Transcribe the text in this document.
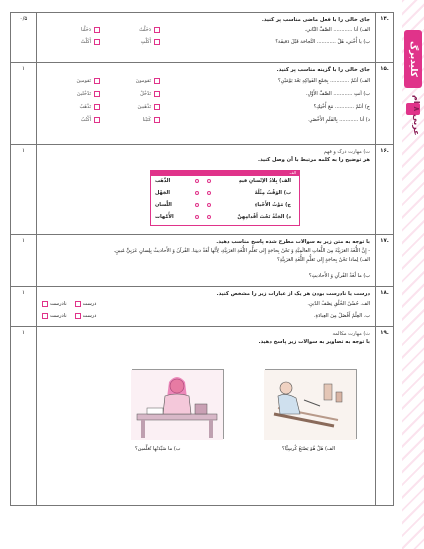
کلیدبرگ
عربی ۸ ام
۱۴.
۰/۵	جای خالی را با فعل ماضی مناسب پر کنید.
الف) أنا ............ الصَّفَّ الثّاني.
دَخَلْتُ
دَخَلْنا
ب) يا أُخْتي، هَلْ ............ النَّجاحَة قَبْلَ دَقيقَة؟
أَكَلْتِ
أَكَلْتُ
۱۵.
۱	جای خالی را با گزینه مناسب پر کنید.
الف) أنتُمْ ............ بِجَمْعِ الفَواكِهِ بَعْدَ يَوْمَيْنِ؟
تَقومونَ
تَقومينَ
ب) أنتِ ............ الصَّفَّ الأَوَّلِ.
تَدْخُلُ
تَدْخُلينَ
ج) أنتُمْ ............ مَعَ أُخْتِكِ؟
تَذْهَبينَ
تَذْهَبُ
د) أنا ............ بِالقَلَمِ الأَخْضَرِ.
كَتَبْنا
أَكْتُبُ
۱۶.
۱	ت) مهارت درک و فهم
هر توضیح را به کلمه مرتبط با آن وصل کنید.
الف
الف) بِلادُ الإنْسانِ فيهِ
ب) الوَقْتُ مِثْلُهُ
ج) مَوْتُ الأَحْياءِ
د) الجَنَّةُ تَحْتَ أَقْدامِهِنَّ
الذَّهَب
الجَهْل
اللِّسان
الأُمَّهات
۱۷.
۱	با توجه به متن زیر به سوالات مطرح شده پاسخ مناسب دهید.
- إِنَّ اللُّغَةَ العَرَبِيَّةَ مِنَ اللُّغاتِ العالَمِيَّةِ وَ نَحْنُ بِحاجَةٍ إِلى تَعَلُّمِ اللُّغَةِ العَرَبِيَّةِ، لِأَنَّها لُغَةُ دينِنا. القُرآنُ وَ الأَحاديثُ بِلِسانٍ عَرَبِيٍّ مُبينٍ.
الف) لِماذا نَحْنُ بِحاجَةٍ إِلى تَعَلُّمِ اللُّغَةِ العَرَبِيَّةِ؟
ب) ما لُغَةُ القُرآنِ وَ الأَحاديثِ؟
۱۸.
۱	درست یا نادرست بودن هر یک از عبارات زیر را مشخص کنید.
الف. حُسْنُ الخُلُقِ نِصْفُ الدّينِ.
درست
نادرست
ب. العِلْمُ أَفْضَلُ مِنَ العِبادَةِ.
درست
نادرست
۱۹.
۱	ث) مهارت مکالمه
با توجه به تصاویر به سوالات زیر پاسخ دهید.
الف) هَلْ هُوَ يَصْنَعُ كُرسِيًّا؟
ب) ما سَيِّدَتُها تُعَلِّمين؟
